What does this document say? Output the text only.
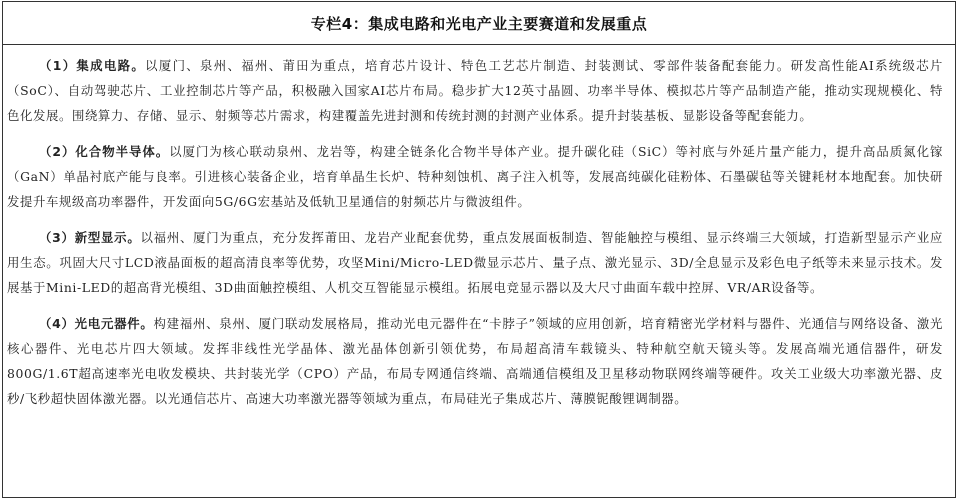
专栏4：集成电路和光电产业主要赛道和发展重点

（1）集成电路。以厦门、泉州、福州、莆田为重点，培育芯片设计、特色工艺芯片制造、封装测试、零部件装备配套能力。研发高性能AI系统级芯片（SoC）、自动驾驶芯片、工业控制芯片等产品，积极融入国家AI芯片布局。稳步扩大12英寸晶圆、功率半导体、模拟芯片等产品制造产能，推动实现规模化、特色化发展。围绕算力、存储、显示、射频等芯片需求，构建覆盖先进封测和传统封测的封测产业体系。提升封装基板、显影设备等配套能力。

（2）化合物半导体。以厦门为核心联动泉州、龙岩等，构建全链条化合物半导体产业。提升碳化硅（SiC）等衬底与外延片量产能力，提升高品质氮化镓（GaN）单晶衬底产能与良率。引进核心装备企业，培育单晶生长炉、特种刻蚀机、离子注入机等，发展高纯碳化硅粉体、石墨碳毡等关键耗材本地配套。加快研发提升车规级高功率器件，开发面向5G/6G宏基站及低轨卫星通信的射频芯片与微波组件。

（3）新型显示。以福州、厦门为重点，充分发挥莆田、龙岩产业配套优势，重点发展面板制造、智能触控与模组、显示终端三大领域，打造新型显示产业应用生态。巩固大尺寸LCD液晶面板的超高清良率等优势，攻坚Mini/Micro-LED微显示芯片、量子点、激光显示、3D/全息显示及彩色电子纸等未来显示技术。发展基于Mini-LED的超高背光模组、3D曲面触控模组、人机交互智能显示模组。拓展电竞显示器以及大尺寸曲面车载中控屏、VR/AR设备等。

（4）光电元器件。构建福州、泉州、厦门联动发展格局，推动光电元器件在“卡脖子”领域的应用创新，培育精密光学材料与器件、光通信与网络设备、激光核心器件、光电芯片四大领域。发挥非线性光学晶体、激光晶体创新引领优势，布局超高清车载镜头、特种航空航天镜头等。发展高端光通信器件，研发800G/1.6T超高速率光电收发模块、共封装光学（CPO）产品，布局专网通信终端、高端通信模组及卫星移动物联网终端等硬件。攻关工业级大功率激光器、皮秒/飞秒超快固体激光器。以光通信芯片、高速大功率激光器等领域为重点，布局硅光子集成芯片、薄膜铌酸锂调制器。
